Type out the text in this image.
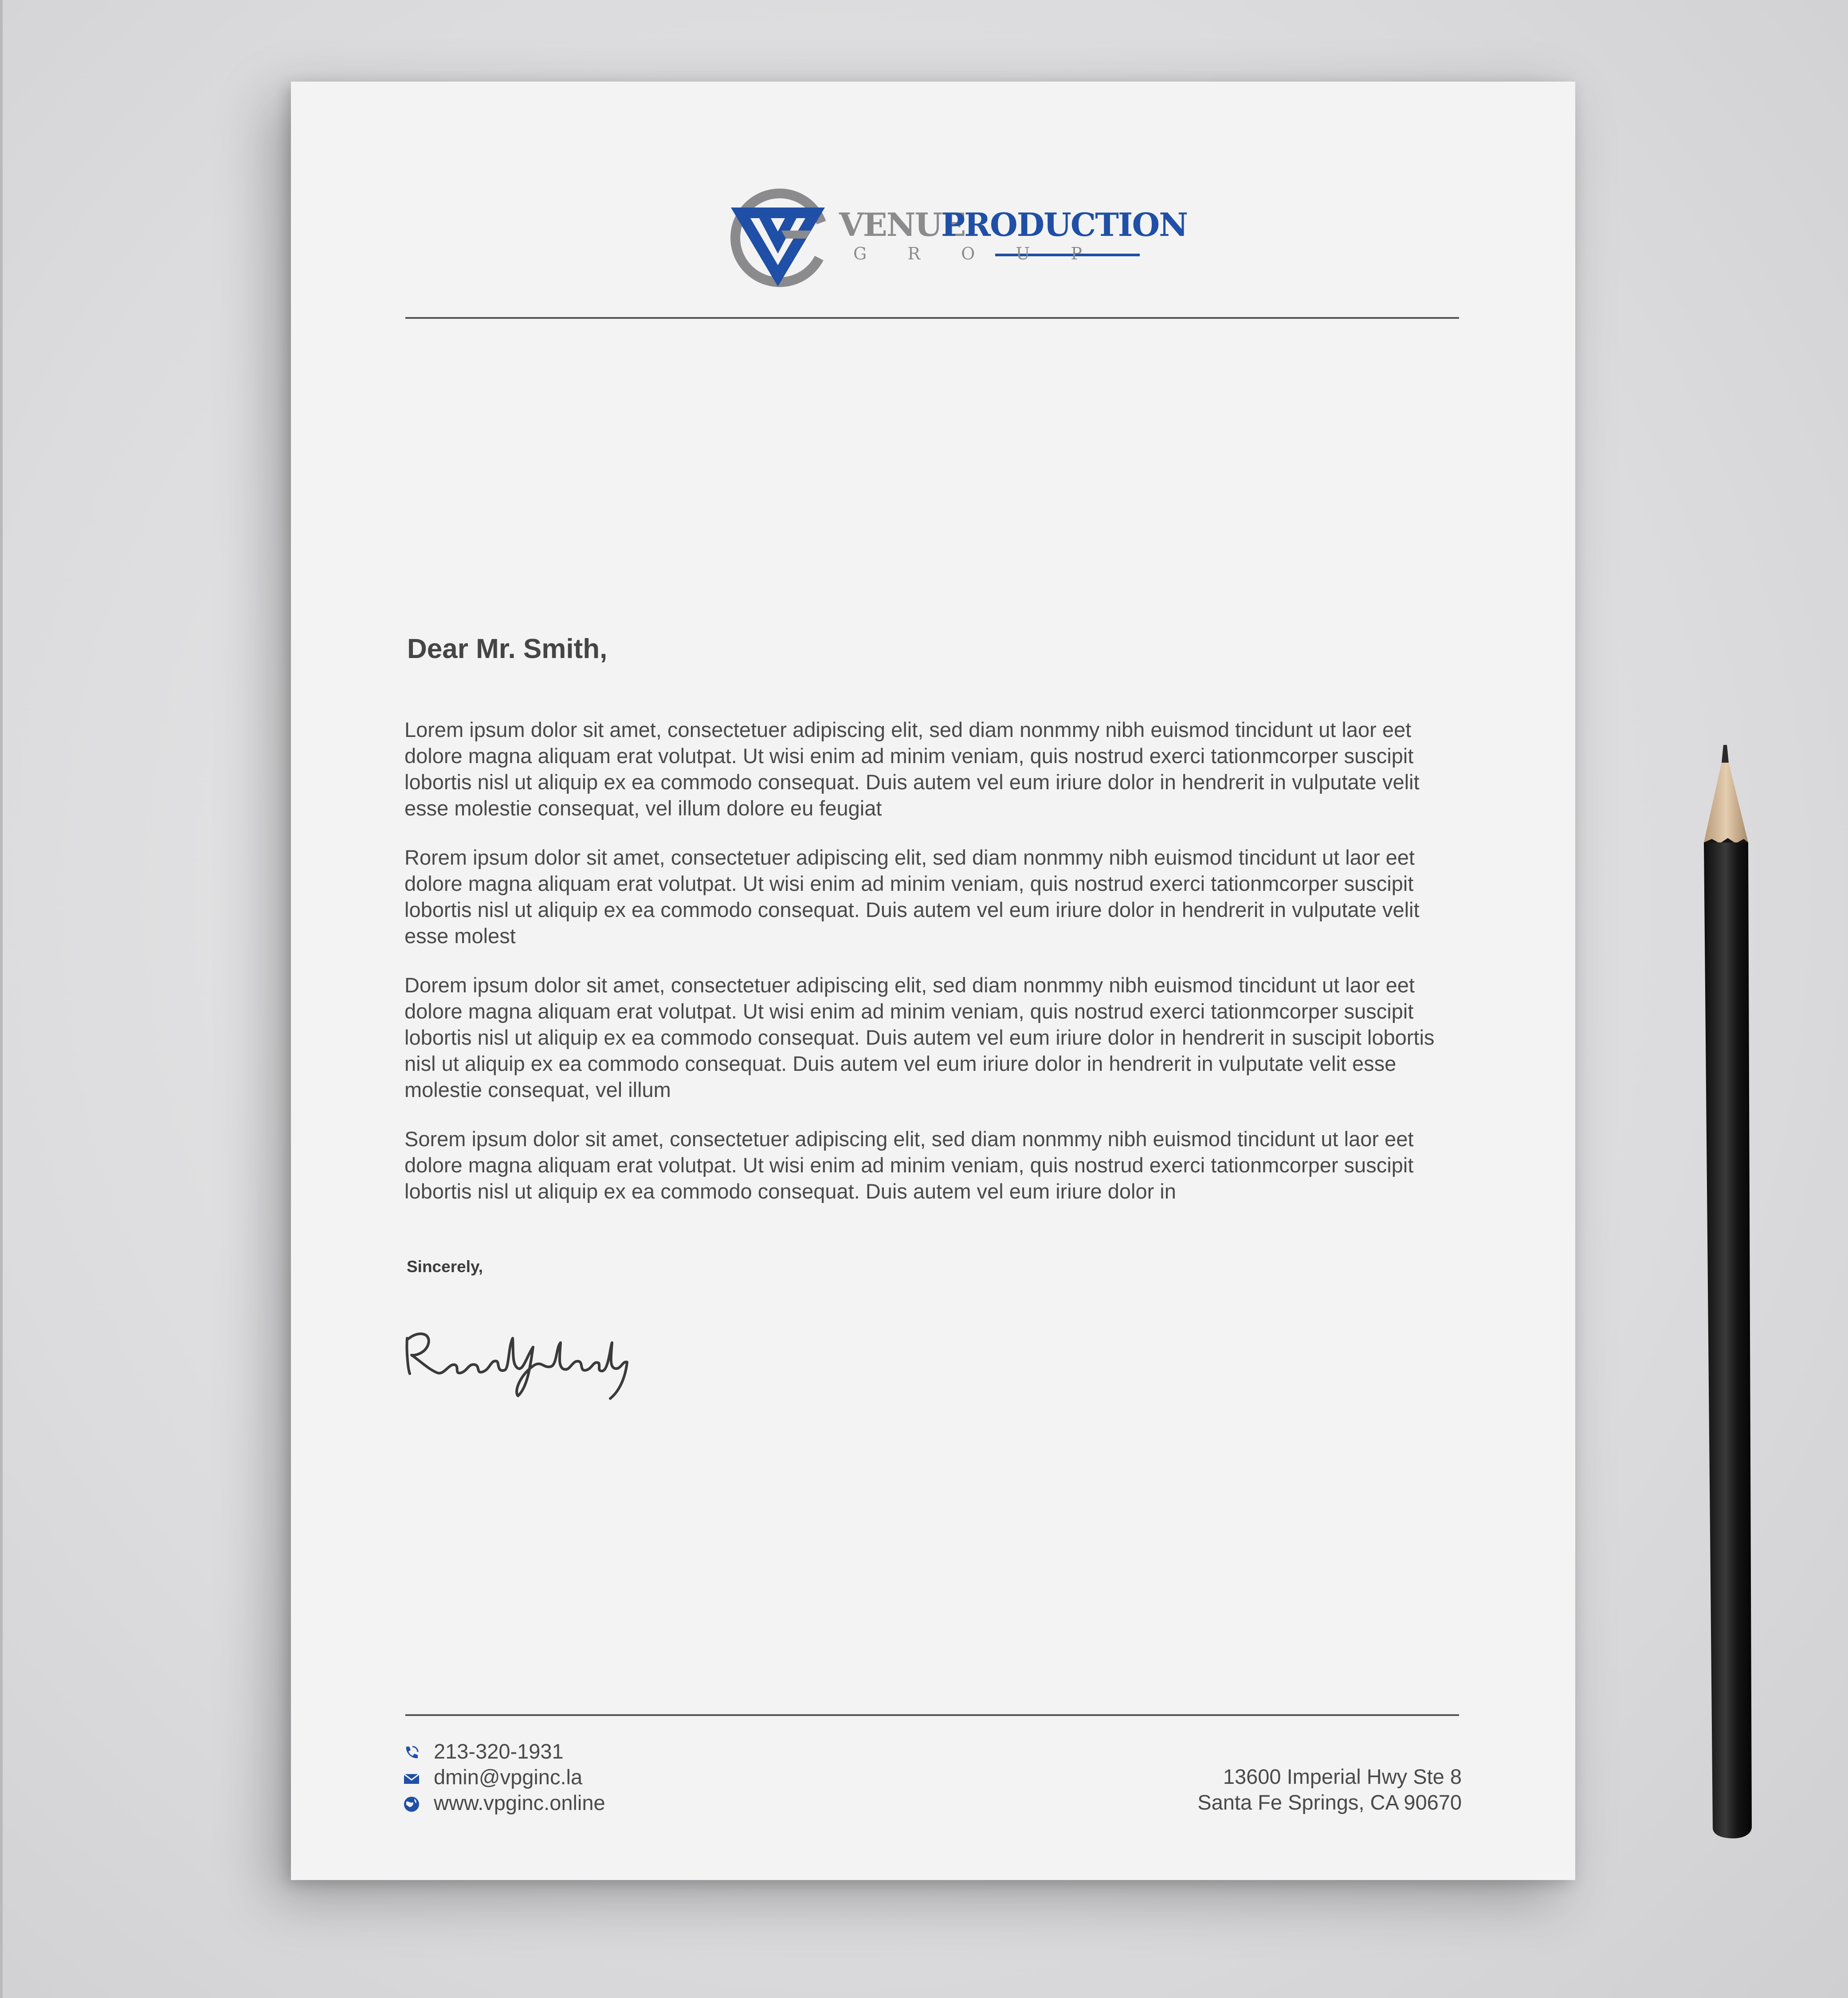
VENUE
PRODUCTION
G R O U P
Dear Mr. Smith,

Lorem ipsum dolor sit amet, consectetuer adipiscing elit, sed diam nonmmy nibh euismod tincidunt ut laor eet dolore magna aliquam erat volutpat. Ut wisi enim ad minim veniam, quis nostrud exerci tationmcorper suscipit lobortis nisl ut aliquip ex ea commodo consequat. Duis autem vel eum iriure dolor in hendrerit in vulputate velit esse molestie consequat, vel illum dolore eu feugiat

Rorem ipsum dolor sit amet, consectetuer adipiscing elit, sed diam nonmmy nibh euismod tincidunt ut laor eet dolore magna aliquam erat volutpat. Ut wisi enim ad minim veniam, quis nostrud exerci tationmcorper suscipit lobortis nisl ut aliquip ex ea commodo consequat. Duis autem vel eum iriure dolor in hendrerit in vulputate velit esse molest

Dorem ipsum dolor sit amet, consectetuer adipiscing elit, sed diam nonmmy nibh euismod tincidunt ut laor eet dolore magna aliquam erat volutpat. Ut wisi enim ad minim veniam, quis nostrud exerci tationmcorper suscipit lobortis nisl ut aliquip ex ea commodo consequat. Duis autem vel eum iriure dolor in hendrerit in suscipit lobortis nisl ut aliquip ex ea commodo consequat. Duis autem vel eum iriure dolor in hendrerit in vulputate velit esse molestie consequat, vel illum

Sorem ipsum dolor sit amet, consectetuer adipiscing elit, sed diam nonmmy nibh euismod tincidunt ut laor eet dolore magna aliquam erat volutpat. Ut wisi enim ad minim veniam, quis nostrud exerci tationmcorper suscipit lobortis nisl ut aliquip ex ea commodo consequat. Duis autem vel eum iriure dolor in

Sincerely,
213-320-1931
dmin@vpginc.la
www.vpginc.online
13600 Imperial Hwy Ste 8
Santa Fe Springs, CA 90670
